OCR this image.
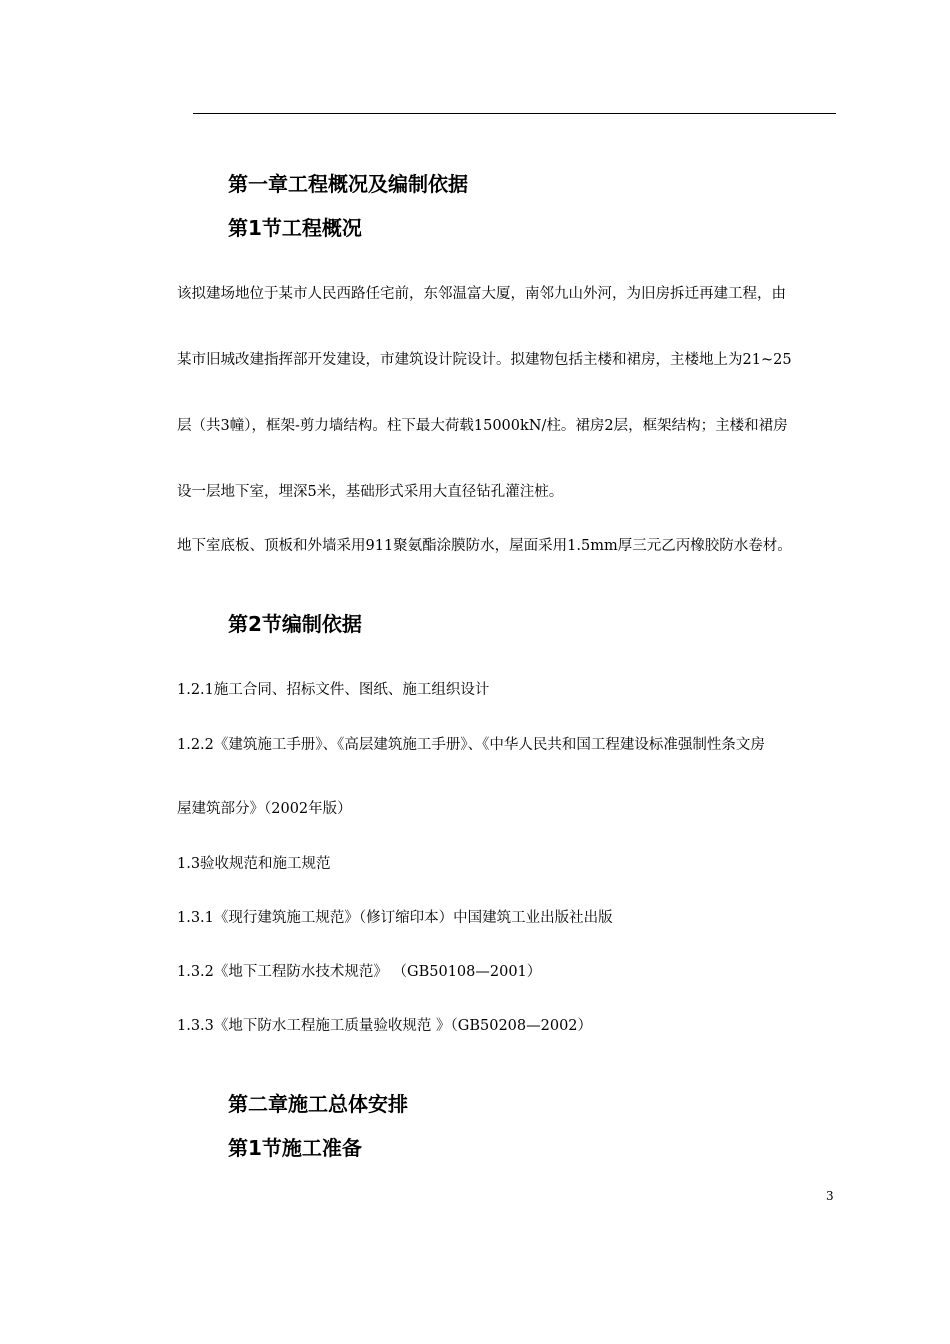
第一章工程概况及编制依据
第1节工程概况
该拟建场地位于某市人民西路任宅前，东邻温富大厦，南邻九山外河，为旧房拆迁再建工程，由
某市旧城改建指挥部开发建设，市建筑设计院设计。拟建物包括主楼和裙房，主楼地上为21~25
层（共3幢），框架-剪力墙结构。柱下最大荷载15000kN/柱。裙房2层，框架结构；主楼和裙房
设一层地下室，埋深5米，基础形式采用大直径钻孔灌注桩。
地下室底板、顶板和外墙采用911聚氨酯涂膜防水，屋面采用1.5mm厚三元乙丙橡胶防水卷材。
第2节编制依据
1.2.1施工合同、招标文件、图纸、施工组织设计
1.2.2《建筑施工手册》、《高层建筑施工手册》、《中华人民共和国工程建设标准强制性条文房
屋建筑部分》（2002年版）
1.3验收规范和施工规范
1.3.1《现行建筑施工规范》（修订缩印本）中国建筑工业出版社出版
1.3.2《地下工程防水技术规范》 （GB50108—2001）
1.3.3《地下防水工程施工质量验收规范 》（GB50208—2002）
第二章施工总体安排
第1节施工准备
3
